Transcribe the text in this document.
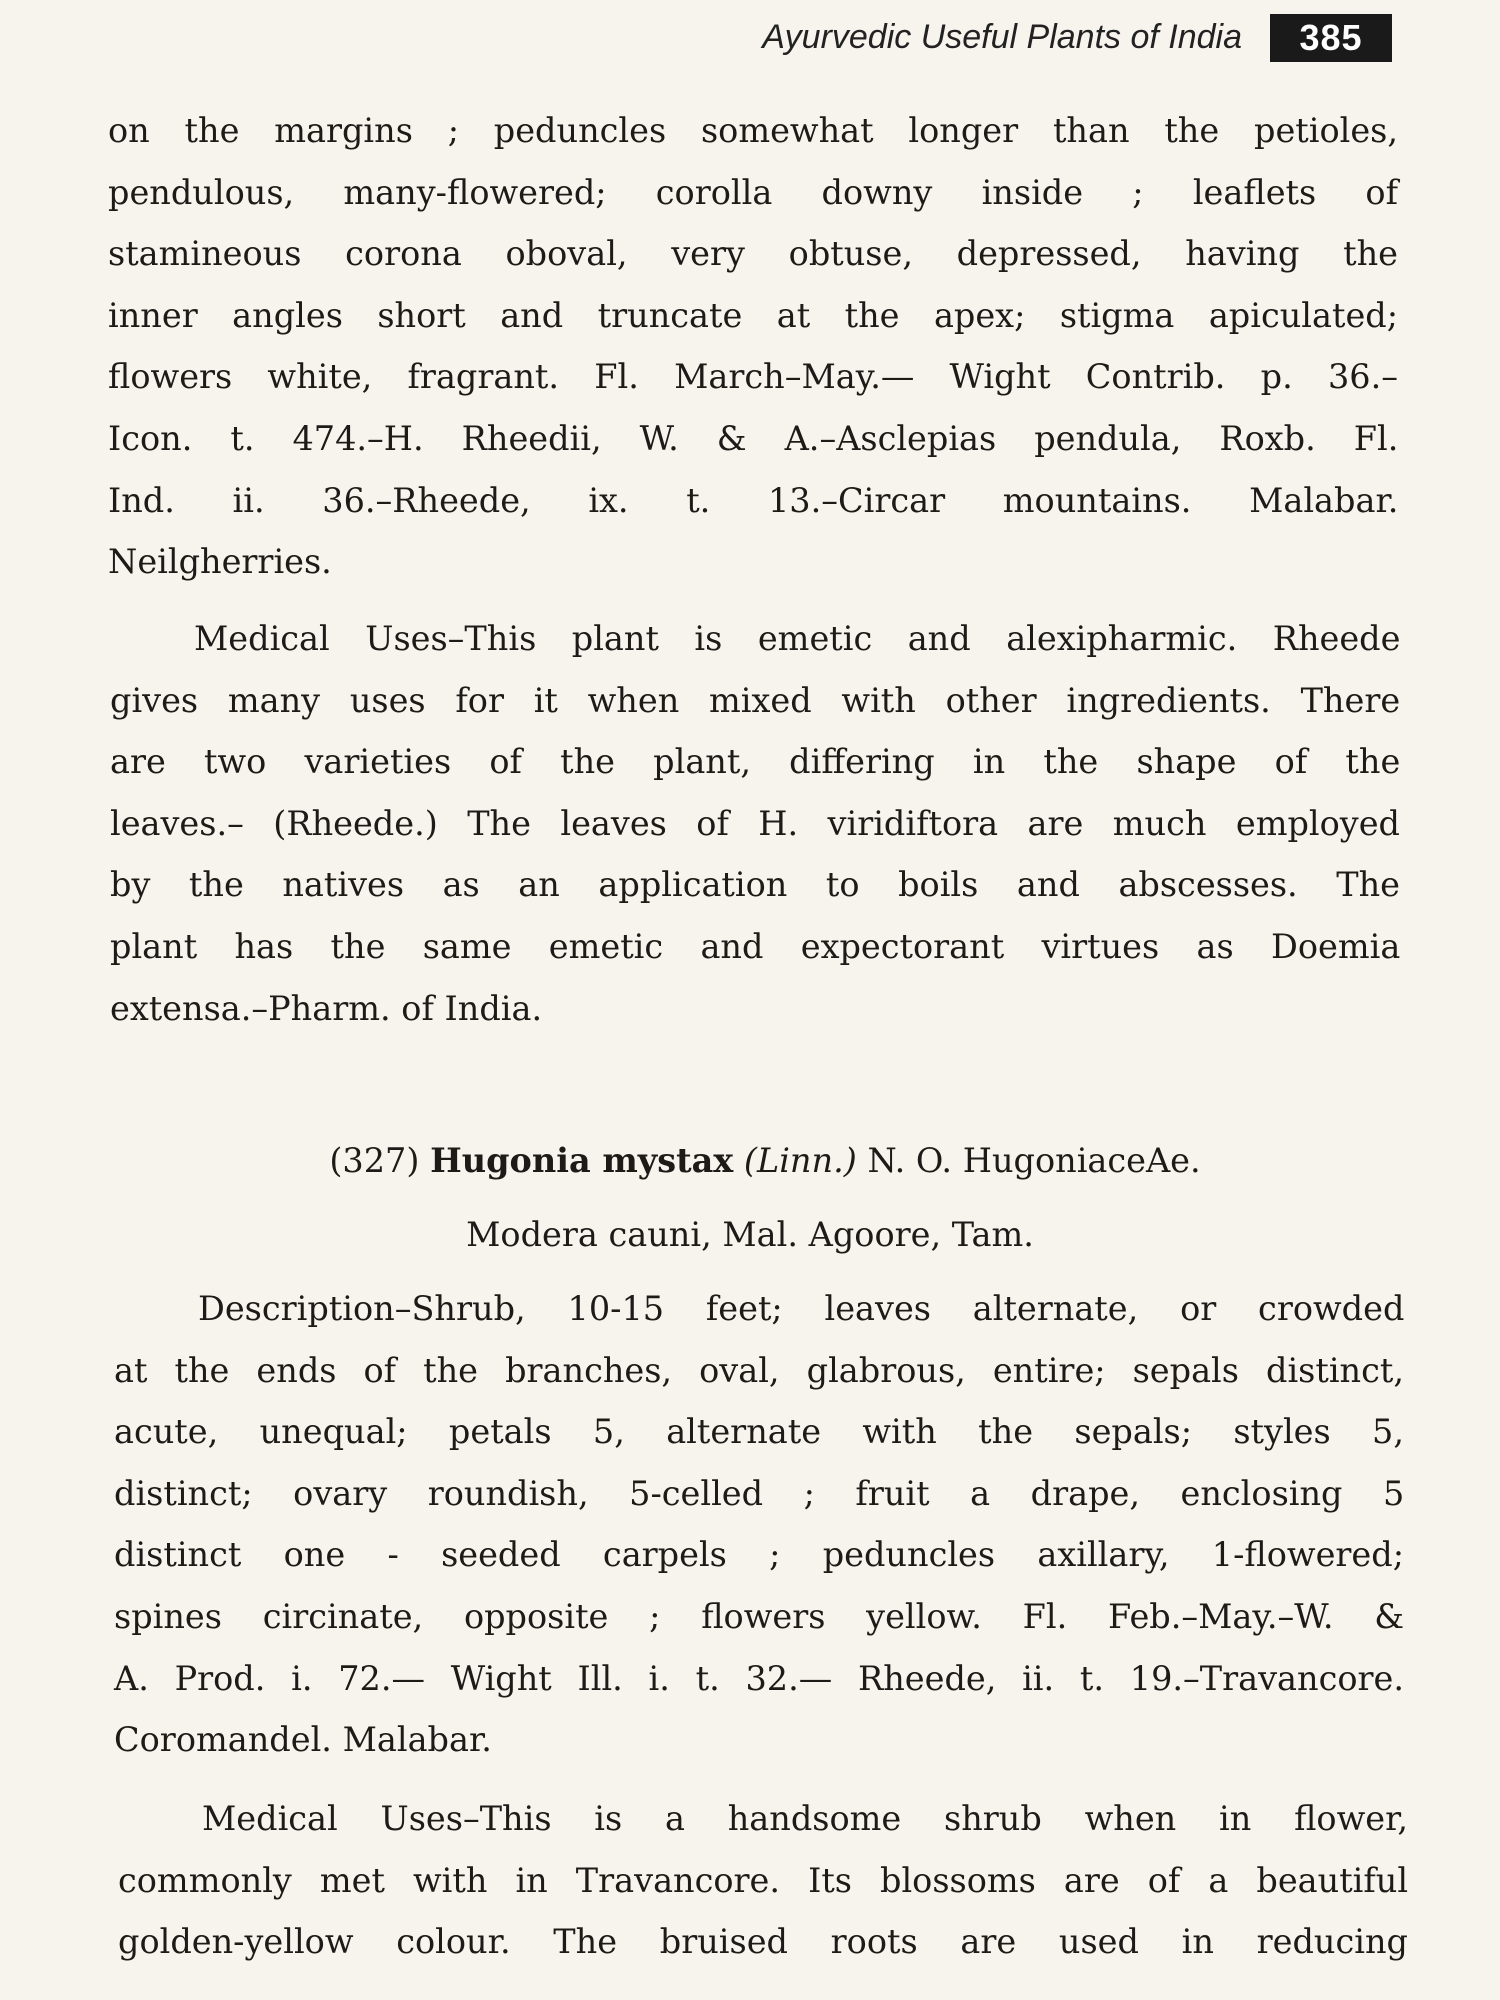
Ayurvedic Useful Plants of India	385
on the margins ; peduncles somewhat longer than the petioles,
pendulous, many-flowered; corolla downy inside ; leaflets of
stamineous corona oboval, very obtuse, depressed, having the
inner angles short and truncate at the apex; stigma apiculated;
flowers white, fragrant. Fl. March–May.— Wight Contrib. p. 36.–
Icon. t. 474.–H. Rheedii, W. & A.–Asclepias pendula, Roxb. Fl.
Ind. ii. 36.–Rheede, ix. t. 13.–Circar mountains. Malabar.
Neilgherries.
Medical Uses–This plant is emetic and alexipharmic. Rheede
gives many uses for it when mixed with other ingredients. There
are two varieties of the plant, differing in the shape of the
leaves.– (Rheede.) The leaves of H. viridiftora are much employed
by the natives as an application to boils and abscesses. The
plant has the same emetic and expectorant virtues as Doemia
extensa.–Pharm. of India.
(327) Hugonia mystax (Linn.) N. O. HugoniaceAe.
Modera cauni, Mal. Agoore, Tam.
Description–Shrub, 10-15 feet; leaves alternate, or crowded
at the ends of the branches, oval, glabrous, entire; sepals distinct,
acute, unequal; petals 5, alternate with the sepals; styles 5,
distinct; ovary roundish, 5-celled ; fruit a drape, enclosing 5
distinct one - seeded carpels ; peduncles axillary, 1-flowered;
spines circinate, opposite ; flowers yellow. Fl. Feb.–May.–W. &
A. Prod. i. 72.— Wight Ill. i. t. 32.— Rheede, ii. t. 19.–Travancore.
Coromandel. Malabar.
Medical Uses–This is a handsome shrub when in flower,
commonly met with in Travancore. Its blossoms are of a beautiful
golden-yellow colour. The bruised roots are used in reducing
